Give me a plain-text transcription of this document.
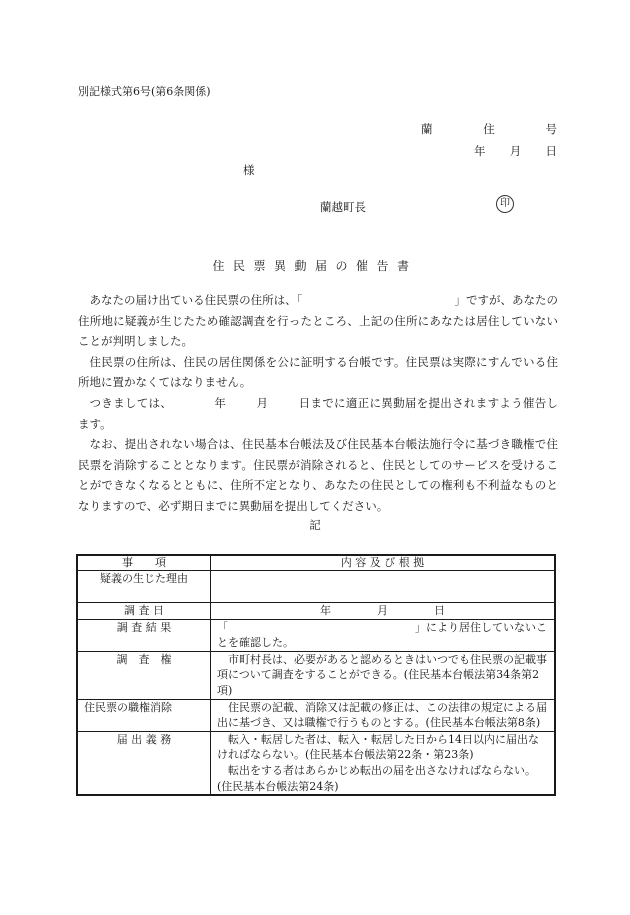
別記様式第6号(第6条関係)
蘭	住	号
年 月 日
様
蘭越町長	印
住民票異動届の催告書

あなたの届け出ている住民票の住所は、「	」ですが、あなたの住所地に疑義が生じたため確認調査を行ったところ、上記の住所にあなたは居住していないことが判明しました。

住民票の住所は、住民の居住関係を公に証明する台帳です。住民票は実際にすんでいる住所地に置かなくてはなりません。

つきましては、	年	月	日までに適正に異動届を提出されますよう催告します。

なお、提出されない場合は、住民基本台帳法及び住民基本台帳法施行令に基づき職権で住民票を消除することとなります。住民票が消除されると、住民としてのサービスを受けることができなくなるとともに、住所不定となり、あなたの住民としての権利も不利益なものとなりますので、必ず期日までに異動届を提出してください。

記
事　　項	内 容 及 び 根 拠
疑義の生じた理由	
調 査 日	年 月 日
調 査 結 果	「　　　　　　　　　　　　　　　　　」により居住していないことを確認した。
調　査　権	市町村長は、必要があると認めるときはいつでも住民票の記載事項について調査をすることができる。(住民基本台帳法第34条第2項)
住民票の職権消除	住民票の記載、消除又は記載の修正は、この法律の規定による届出に基づき、又は職権で行うものとする。(住民基本台帳法第8条)
届 出 義 務	転入・転居した者は、転入・転居した日から14日以内に届出なければならない。(住民基本台帳法第22条・第23条)
転出をする者はあらかじめ転出の届を出さなければならない。(住民基本台帳法第24条)
